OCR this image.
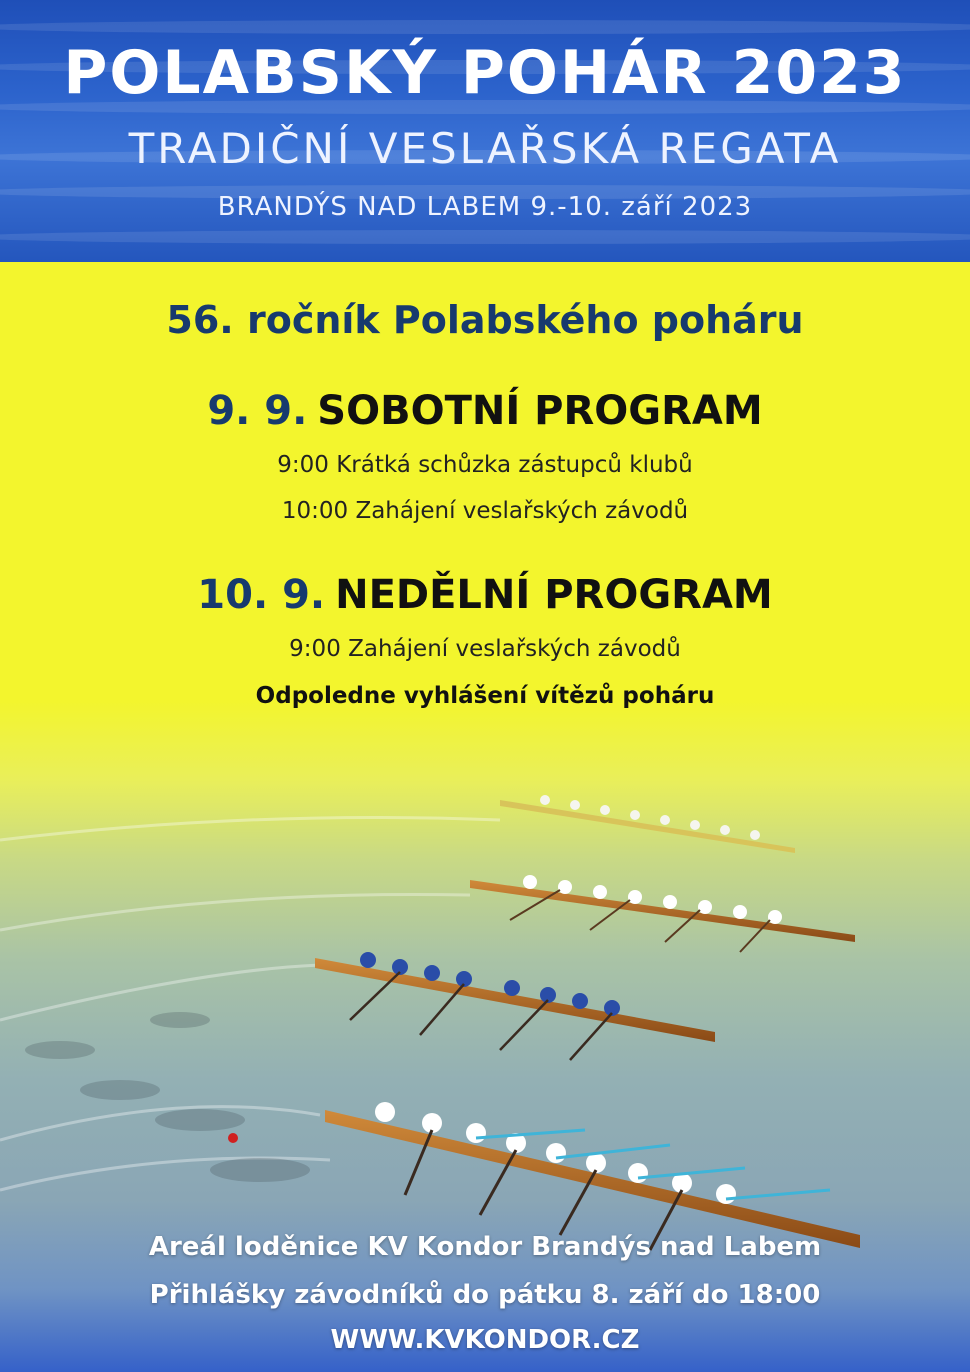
POLABSKÝ POHÁR 2023
TRADIČNÍ VESLAŘSKÁ REGATA
BRANDÝS NAD LABEM 9.-10. září 2023
56. ročník Polabského poháru
9. 9. SOBOTNÍ PROGRAM
9:00 Krátká schůzka zástupců klubů
10:00 Zahájení veslařských závodů
10. 9. NEDĚLNÍ PROGRAM
9:00 Zahájení veslařských závodů
Odpoledne vyhlášení vítězů poháru
Areál loděnice KV Kondor Brandýs nad Labem
Přihlášky závodníků do pátku 8. září do 18:00
WWW.KVKONDOR.CZ
